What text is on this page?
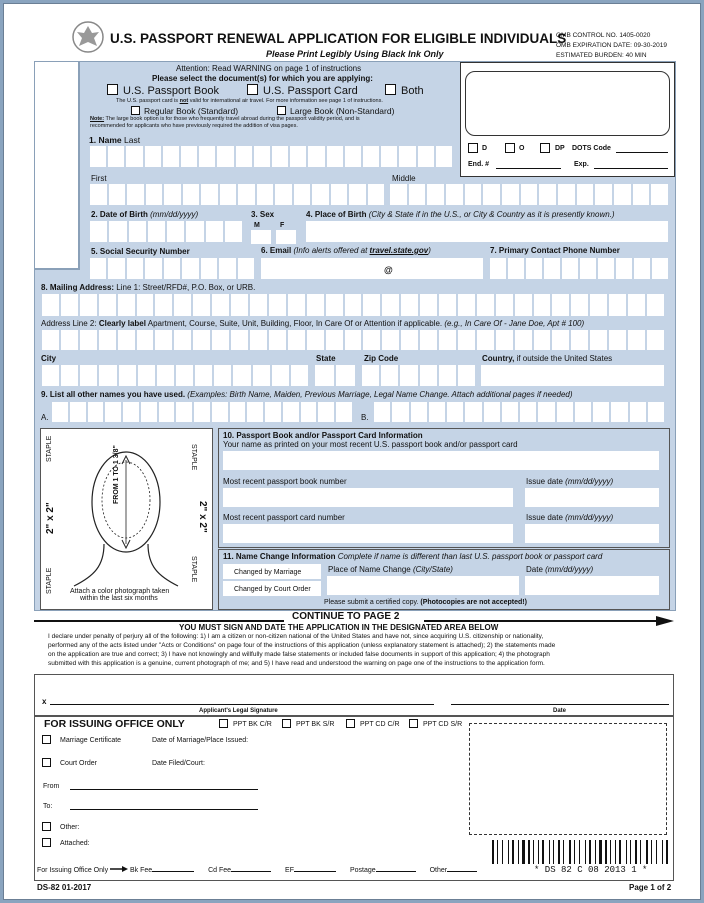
U.S. PASSPORT RENEWAL APPLICATION FOR ELIGIBLE INDIVIDUALS
Please Print Legibly Using Black Ink Only
OMB CONTROL NO. 1405-0020
OMB EXPIRATION DATE: 09-30-2019
ESTIMATED BURDEN: 40 MIN
Attention: Read WARNING on page 1 of instructions
Please select the document(s) for which you are applying:
U.S. Passport Book	U.S. Passport Card	Both
The U.S. passport card is not valid for international air travel. For more information see page 1 of instructions.
Regular Book (Standard)	Large Book (Non-Standard)
Note: The large book option is for those who frequently travel abroad during the passport validity period, and is
recommended for applicants who have previously required the addition of visa pages.
D	O	DP DOTS Code
End. #	Exp.
1. Name Last
First	Middle
2. Date of Birth (mm/dd/yyyy)	3. Sex
M	F
4. Place of Birth (City & State if in the U.S., or City & Country as it is presently known.)
5. Social Security Number	6. Email (Info alerts offered at travel.state.gov)
@
7. Primary Contact Phone Number
8. Mailing Address: Line 1: Street/RFD#, P.O. Box, or URB.
Address Line 2: Clearly label Apartment, Course, Suite, Unit, Building, Floor, In Care Of or Attention if applicable. (e.g., In Care Of - Jane Doe, Apt # 100)
City	State	Zip Code	Country, if outside the United States
9. List all other names you have used. (Examples: Birth Name, Maiden, Previous Marriage, Legal Name Change. Attach additional pages if needed)
A.	B.
STAPLE	STAPLE
STAPLE	STAPLE
2" x 2"	2" x 2"
FROM 1 TO 1 3/8"
Attach a color photograph taken
within the last six months
10. Passport Book and/or Passport Card Information
Your name as printed on your most recent U.S. passport book and/or passport card
Most recent passport book number	Issue date (mm/dd/yyyy)
Most recent passport card number	Issue date (mm/dd/yyyy)
11. Name Change Information Complete if name is different than last U.S. passport book or passport card
Changed by Marriage
Changed by Court Order
Place of Name Change (City/State)	Date (mm/dd/yyyy)
Please submit a certified copy. (Photocopies are not accepted!)
CONTINUE TO PAGE 2
YOU MUST SIGN AND DATE THE APPLICATION IN THE DESIGNATED AREA BELOW
I declare under penalty of perjury all of the following: 1) I am a citizen or non-citizen national of the United States and have not, since acquiring U.S. citizenship or nationality,
performed any of the acts listed under "Acts or Conditions" on page four of the instructions of this application (unless explanatory statement is attached); 2) the statements made
on the application are true and correct; 3) I have not knowingly and willfully made false statements or included false documents in support of this application; 4) the photograph
submitted with this application is a genuine, current photograph of me; and 5) I have read and understood the warning on page one of the instructions to the application form.
x
Applicant's Legal Signature	Date
FOR ISSUING OFFICE ONLY	PPT BK C/R	PPT BK S/R	PPT CD C/R	PPT CD S/R
Marriage Certificate	Date of Marriage/Place Issued:
Court Order	Date Filed/Court:
From
To:
Other:
Attached:
For Issuing Office Only	Bk Fee	Cd Fee	EF	Postage	Other	* DS 82 C 08 2013 1 *
DS-82 01-2017	Page 1 of 2
